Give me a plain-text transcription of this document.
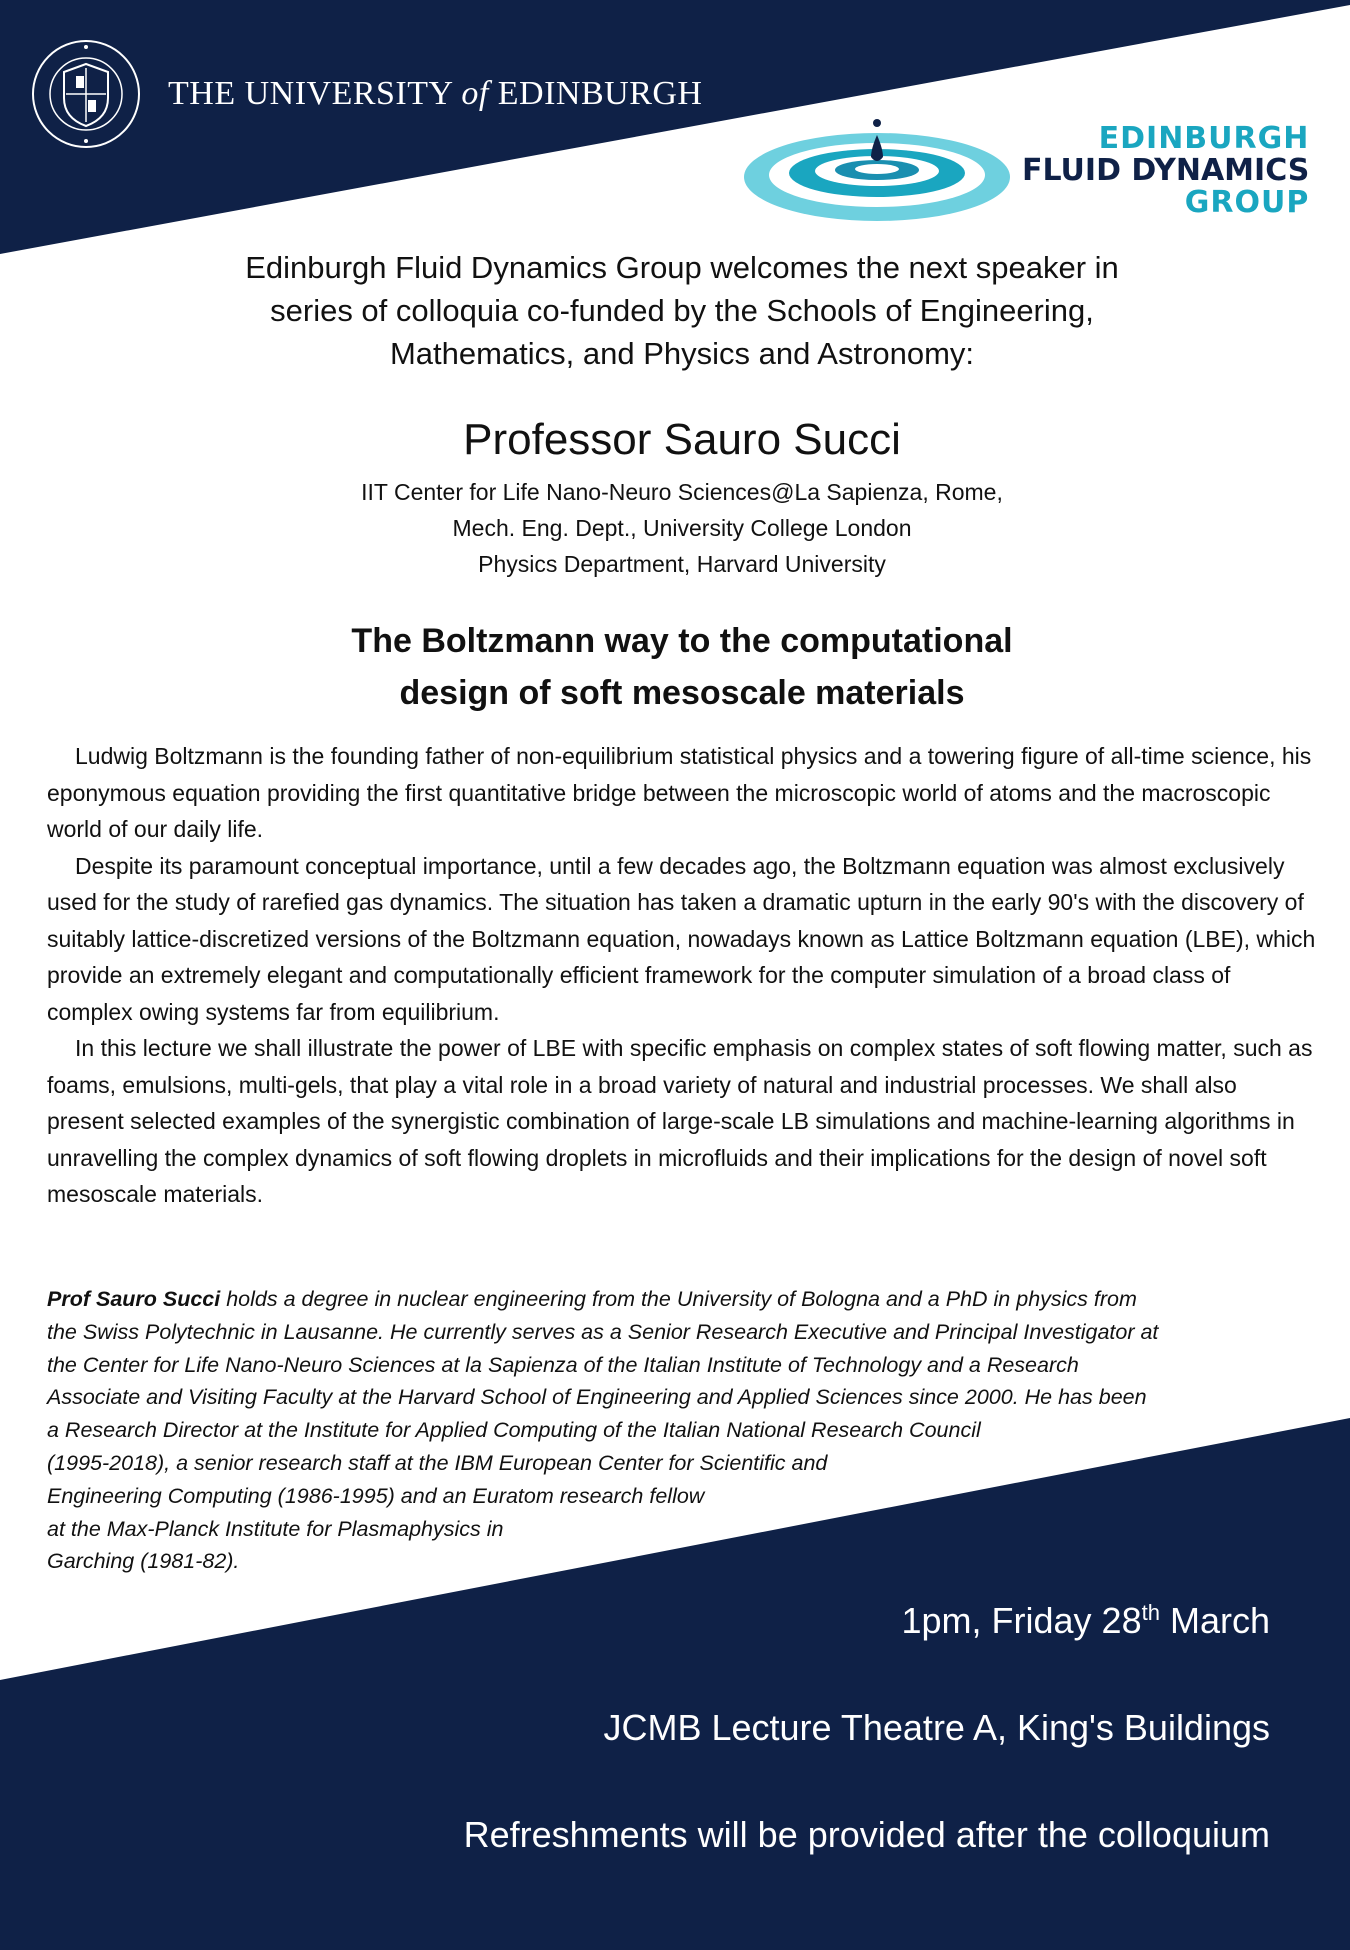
THE UNIVERSITY of EDINBURGH
EDINBURGH
FLUID DYNAMICS
GROUP
Edinburgh Fluid Dynamics Group welcomes the next speaker in
series of colloquia co-funded by the Schools of Engineering,
Mathematics, and Physics and Astronomy:
Professor Sauro Succi
IIT Center for Life Nano-Neuro Sciences@La Sapienza, Rome,
Mech. Eng. Dept., University College London
Physics Department, Harvard University
The Boltzmann way to the computational
design of soft mesoscale materials

Ludwig Boltzmann is the founding father of non-equilibrium statistical physics and a towering figure of all-time science, his eponymous equation providing the first quantitative bridge between the microscopic world of atoms and the macroscopic world of our daily life.

Despite its paramount conceptual importance, until a few decades ago, the Boltzmann equation was almost exclusively used for the study of rarefied gas dynamics. The situation has taken a dramatic upturn in the early 90's with the discovery of suitably lattice-discretized versions of the Boltzmann equation, nowadays known as Lattice Boltzmann equation (LBE), which provide an extremely elegant and computationally efficient framework for the computer simulation of a broad class of complex owing systems far from equilibrium.

In this lecture we shall illustrate the power of LBE with specific emphasis on complex states of soft flowing matter, such as foams, emulsions, multi-gels, that play a vital role in a broad variety of natural and industrial processes. We shall also present selected examples of the synergistic combination of large-scale LB simulations and machine-learning algorithms in unravelling the complex dynamics of soft flowing droplets in microfluids and their implications for the design of novel soft mesoscale materials.

Prof Sauro Succi holds a degree in nuclear engineering from the University of Bologna and a PhD in physics from
the Swiss Polytechnic in Lausanne. He currently serves as a Senior Research Executive and Principal Investigator at
the Center for Life Nano-Neuro Sciences at la Sapienza of the Italian Institute of Technology and a Research
Associate and Visiting Faculty at the Harvard School of Engineering and Applied Sciences since 2000. He has been
a Research Director at the Institute for Applied Computing of the Italian National Research Council
(1995-2018), a senior research staff at the IBM European Center for Scientific and
Engineering Computing (1986-1995) and an Euratom research fellow
at the Max-Planck Institute for Plasmaphysics in
Garching (1981-82).
1pm, Friday 28th March
JCMB Lecture Theatre A, King's Buildings
Refreshments will be provided after the colloquium
